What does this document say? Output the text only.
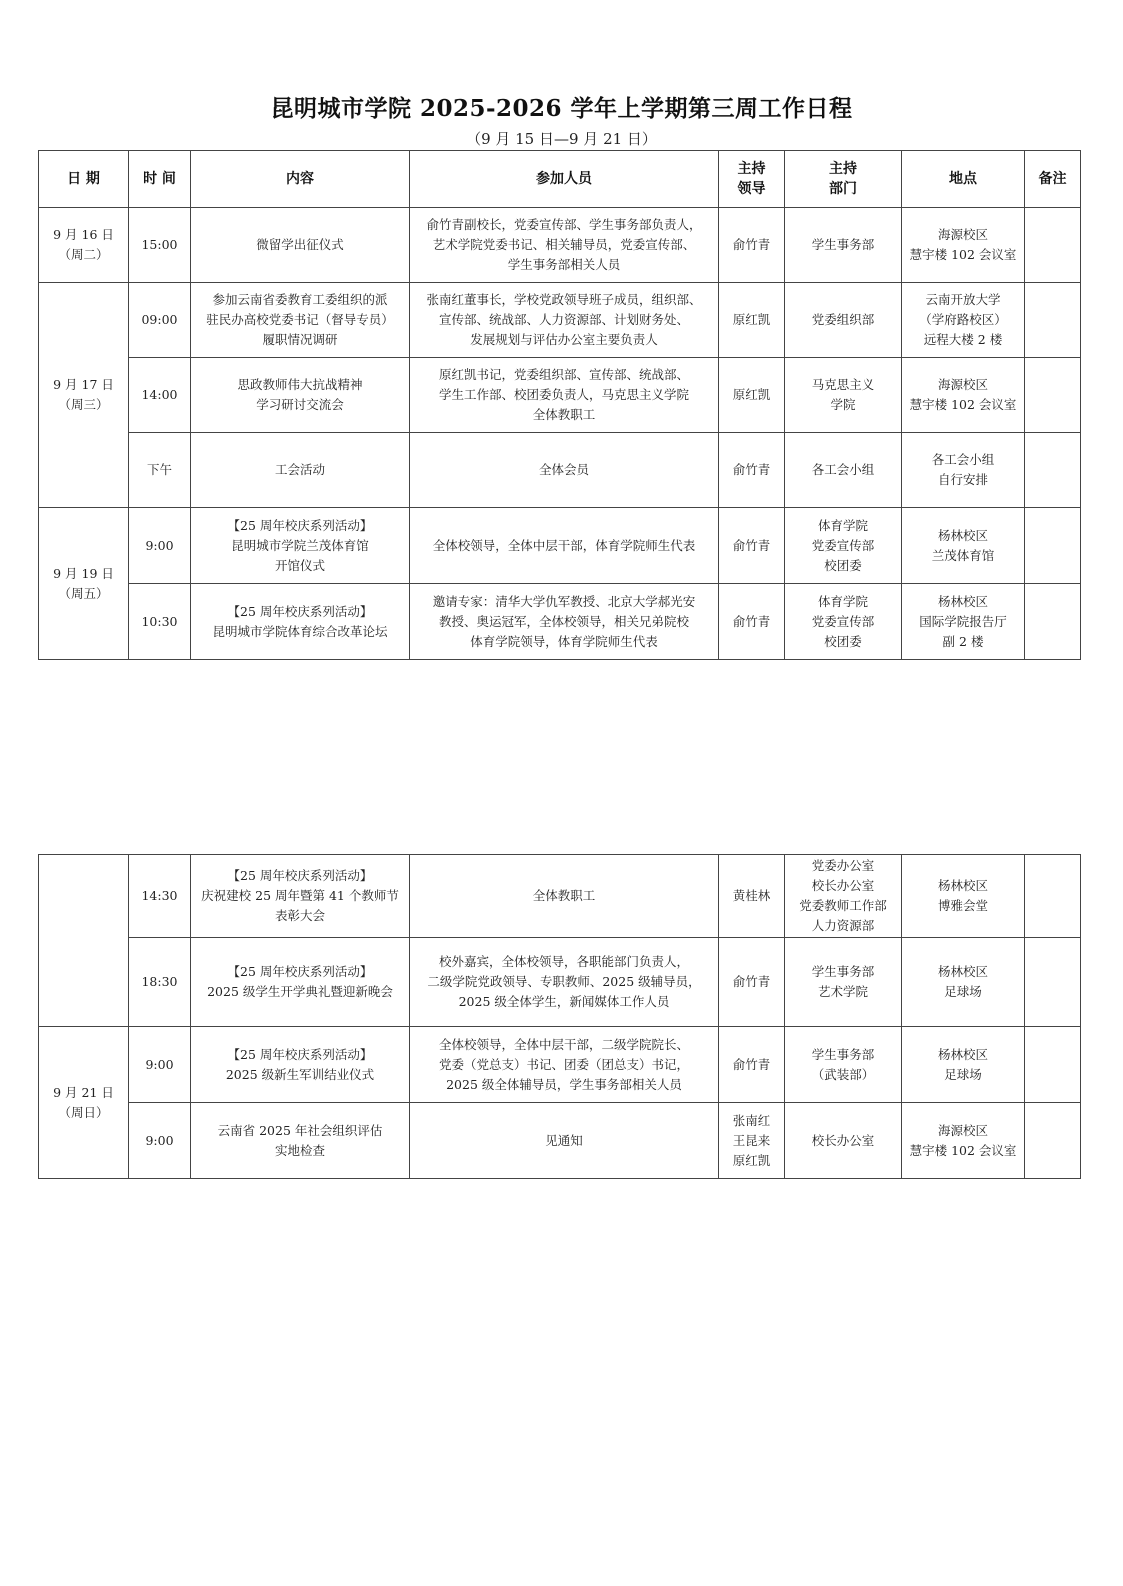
昆明城市学院 2025-2026 学年上学期第三周工作日程
（9 月 15 日—9 月 21 日）
日 期	时 间	内容	参加人员	主持
领导	主持
部门	地点	备注
9 月 16 日
（周二）	15:00	微留学出征仪式	俞竹青副校长，党委宣传部、学生事务部负责人，
艺术学院党委书记、相关辅导员，党委宣传部、
学生事务部相关人员	俞竹青	学生事务部	海源校区
慧宇楼 102 会议室	
9 月 17 日
（周三）	09:00	参加云南省委教育工委组织的派
驻民办高校党委书记（督导专员）
履职情况调研	张南红董事长，学校党政领导班子成员，组织部、
宣传部、统战部、人力资源部、计划财务处、
发展规划与评估办公室主要负责人	原红凯	党委组织部	云南开放大学
（学府路校区）
远程大楼 2 楼	
	14:00	思政教师伟大抗战精神
学习研讨交流会	原红凯书记，党委组织部、宣传部、统战部、
学生工作部、校团委负责人，马克思主义学院
全体教职工	原红凯	马克思主义
学院	海源校区
慧宇楼 102 会议室	
	下午	工会活动	全体会员	俞竹青	各工会小组	各工会小组
自行安排	
9 月 19 日
（周五）	9:00	【25 周年校庆系列活动】
昆明城市学院兰茂体育馆
开馆仪式	全体校领导，全体中层干部，体育学院师生代表	俞竹青	体育学院
党委宣传部
校团委	杨林校区
兰茂体育馆	
	10:30	【25 周年校庆系列活动】
昆明城市学院体育综合改革论坛	邀请专家：清华大学仇军教授、北京大学郝光安
教授、奥运冠军，全体校领导，相关兄弟院校
体育学院领导，体育学院师生代表	俞竹青	体育学院
党委宣传部
校团委	杨林校区
国际学院报告厅
副 2 楼	
	14:30	【25 周年校庆系列活动】
庆祝建校 25 周年暨第 41 个教师节
表彰大会	全体教职工	黄桂林	党委办公室
校长办公室
党委教师工作部
人力资源部	杨林校区
博雅会堂	
	18:30	【25 周年校庆系列活动】
2025 级学生开学典礼暨迎新晚会	校外嘉宾，全体校领导，各职能部门负责人，
二级学院党政领导、专职教师、2025 级辅导员，
2025 级全体学生，新闻媒体工作人员	俞竹青	学生事务部
艺术学院	杨林校区
足球场	
9 月 21 日
（周日）	9:00	【25 周年校庆系列活动】
2025 级新生军训结业仪式	全体校领导，全体中层干部，二级学院院长、
党委（党总支）书记、团委（团总支）书记，
2025 级全体辅导员，学生事务部相关人员	俞竹青	学生事务部
（武装部）	杨林校区
足球场	
	9:00	云南省 2025 年社会组织评估
实地检查	见通知	张南红
王昆来
原红凯	校长办公室	海源校区
慧宇楼 102 会议室	
